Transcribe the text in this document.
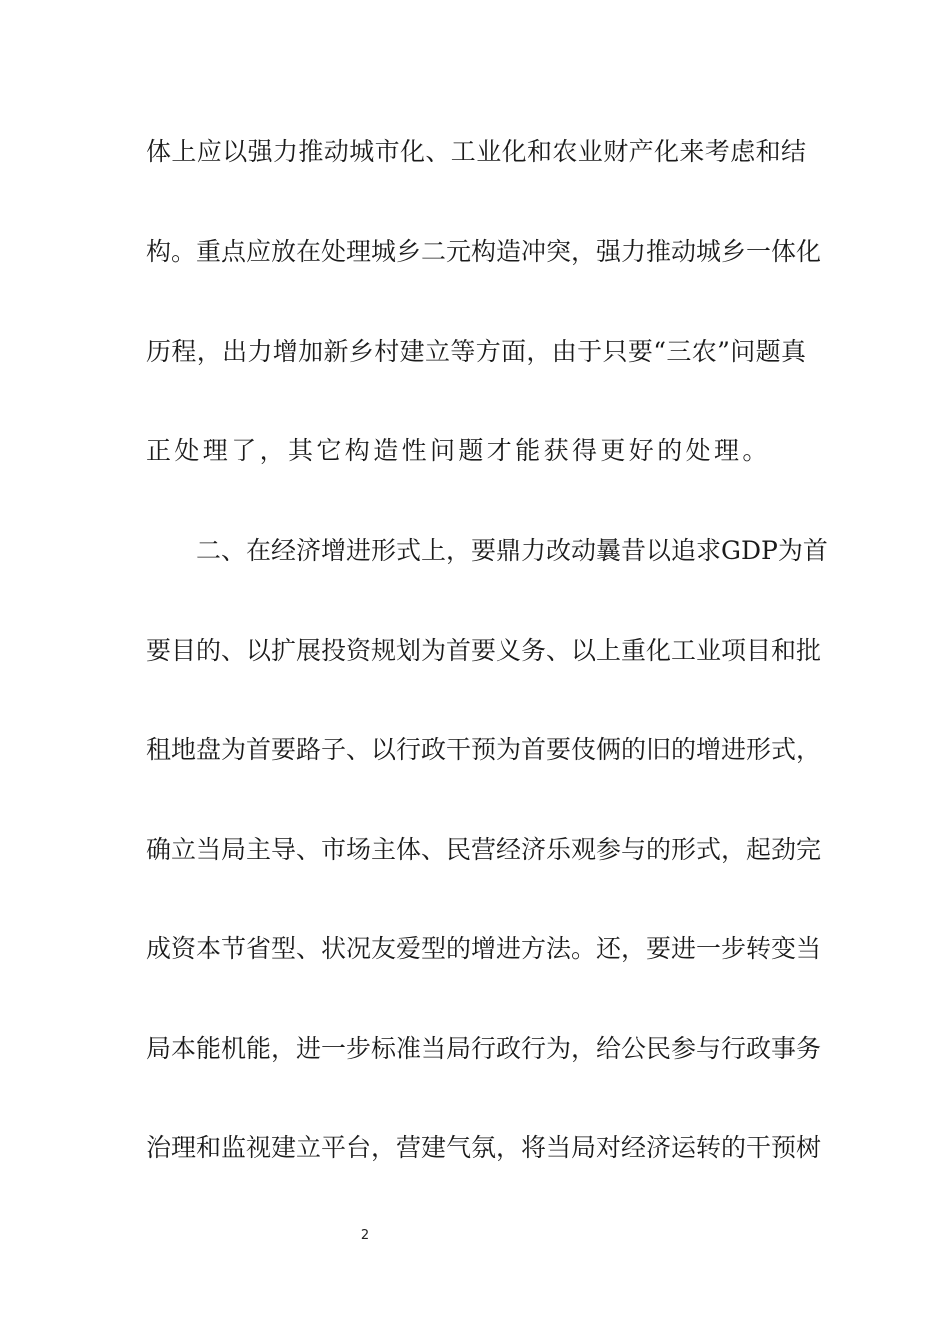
体上应以强力推动城市化、工业化和农业财产化来考虑和结
构。重点应放在处理城乡二元构造冲突，强力推动城乡一体化
历程，出力增加新乡村建立等方面，由于只要“三农”问题真
正处理了，其它构造性问题才能获得更好的处理。
二、在经济增进形式上，要鼎力改动曩昔以追求GDP为首
要目的、以扩展投资规划为首要义务、以上重化工业项目和批
租地盘为首要路子、以行政干预为首要伎俩的旧的增进形式，
确立当局主导、市场主体、民营经济乐观参与的形式，起劲完
成资本节省型、状况友爱型的增进方法。还，要进一步转变当
局本能机能，进一步标准当局行政行为，给公民参与行政事务
治理和监视建立平台，营建气氛，将当局对经济运转的干预树
2
